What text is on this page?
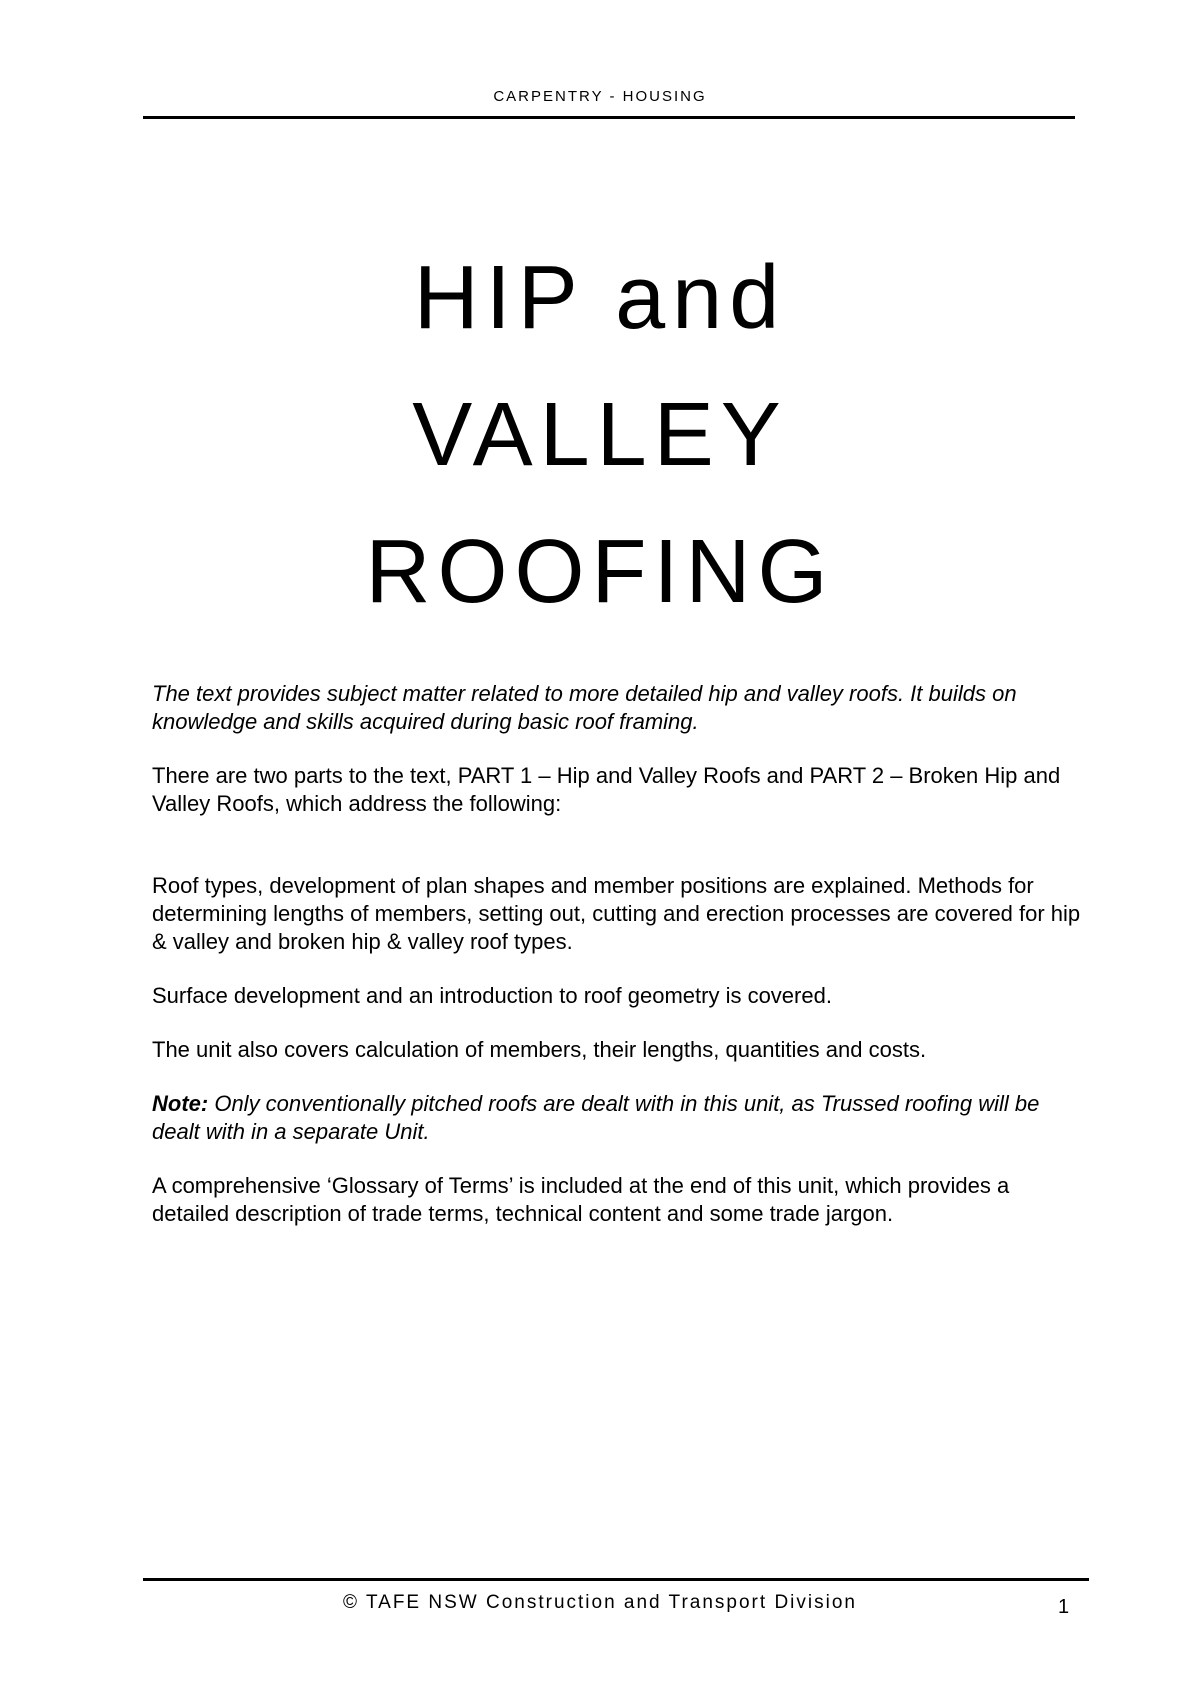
CARPENTRY - HOUSING
HIP and
VALLEY
ROOFING

The text provides subject matter related to more detailed hip and valley roofs. It builds on knowledge and skills acquired during basic roof framing.

There are two parts to the text, PART 1 – Hip and Valley Roofs and PART 2 – Broken Hip and Valley Roofs, which address the following:

Roof types, development of plan shapes and member positions are explained. Methods for determining lengths of members, setting out, cutting and erection processes are covered for hip & valley and broken hip & valley roof types.

Surface development and an introduction to roof geometry is covered.

The unit also covers calculation of members, their lengths, quantities and costs.

Note: Only conventionally pitched roofs are dealt with in this unit, as Trussed roofing will be dealt with in a separate Unit.

A comprehensive ‘Glossary of Terms’ is included at the end of this unit, which provides a detailed description of trade terms, technical content and some trade jargon.

© TAFE NSW Construction and Transport Division	1
